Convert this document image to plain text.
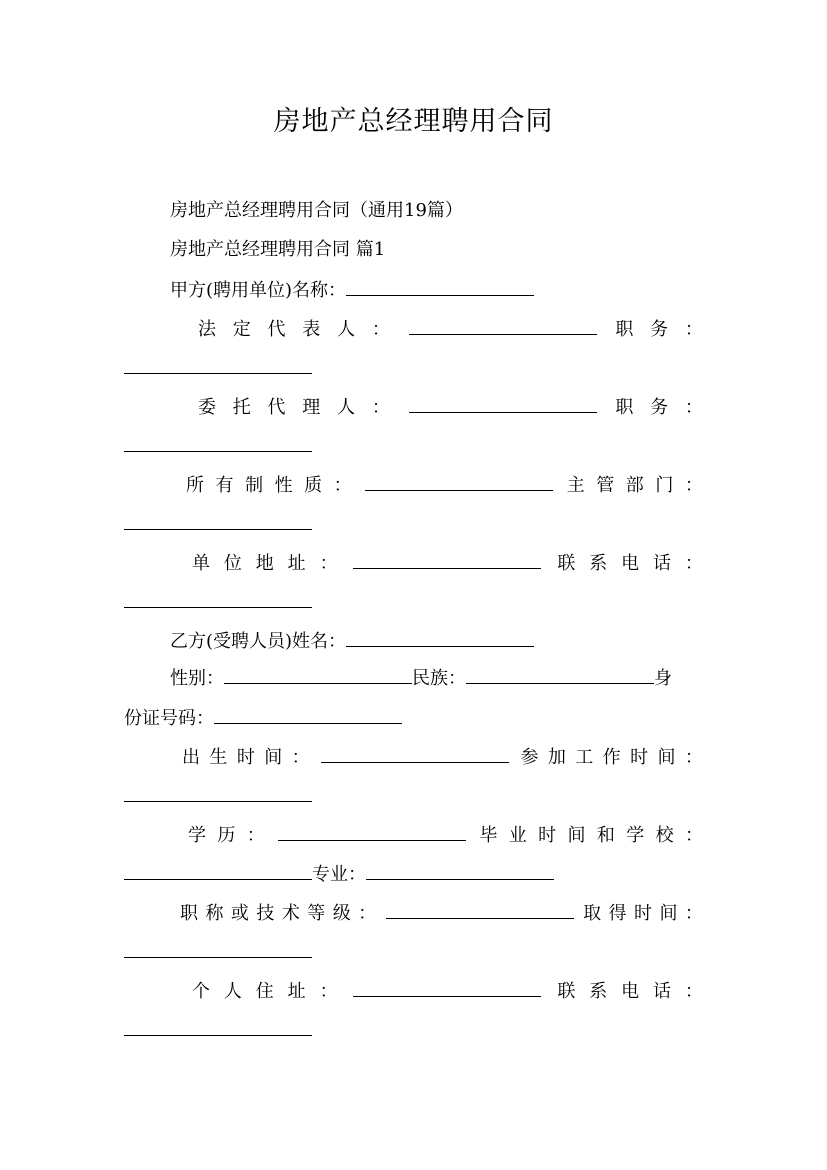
房地产总经理聘用合同
房地产总经理聘用合同（通用19篇）
房地产总经理聘用合同 篇1
甲方(聘用单位)名称：
法 定 代 表 人 ：	职 务 ：
委 托 代 理 人 ：	职 务 ：
所 有 制 性 质 ：	主 管 部 门 ：
单 位 地 址 ：	联 系 电 话 ：
乙方(受聘人员)姓名：
性别：	民族：	身
份证号码：
出 生 时 间 ：	参 加 工 作 时 间 ：
学 历 ：	毕 业 时 间 和 学 校 ：
专业：
职 称 或 技 术 等 级 ：	取 得 时 间 ：
个 人 住 址 ：	联 系 电 话 ：
